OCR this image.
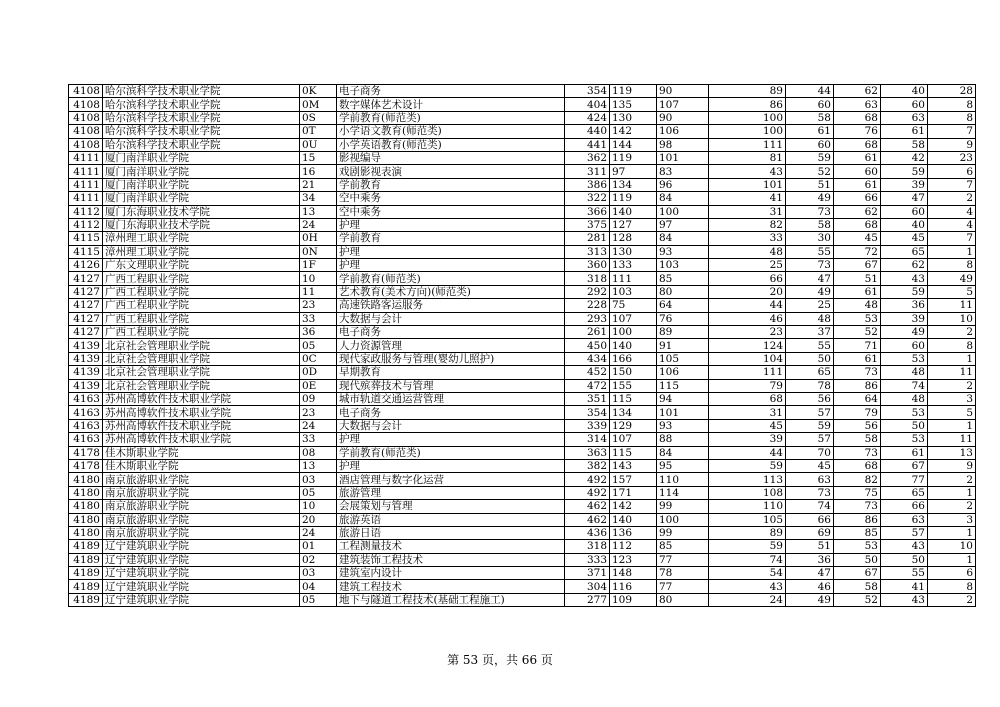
4108	哈尔滨科学技术职业学院	0K	电子商务	354	119	90	89	44	62	40	28
4108	哈尔滨科学技术职业学院	0M	数字媒体艺术设计	404	135	107	86	60	63	60	8
4108	哈尔滨科学技术职业学院	0S	学前教育(师范类)	424	130	90	100	58	68	63	8
4108	哈尔滨科学技术职业学院	0T	小学语文教育(师范类)	440	142	106	100	61	76	61	7
4108	哈尔滨科学技术职业学院	0U	小学英语教育(师范类)	441	144	98	111	60	68	58	9
4111	厦门南洋职业学院	15	影视编导	362	119	101	81	59	61	42	23
4111	厦门南洋职业学院	16	戏剧影视表演	311	97	83	43	52	60	59	6
4111	厦门南洋职业学院	21	学前教育	386	134	96	101	51	61	39	7
4111	厦门南洋职业学院	34	空中乘务	322	119	84	41	49	66	47	2
4112	厦门东海职业技术学院	13	空中乘务	366	140	100	31	73	62	60	4
4112	厦门东海职业技术学院	24	护理	375	127	97	82	58	68	40	4
4115	漳州理工职业学院	0H	学前教育	281	128	84	33	30	45	45	7
4115	漳州理工职业学院	0N	护理	313	130	93	48	55	72	65	1
4126	广东文理职业学院	1F	护理	360	133	103	25	73	67	62	8
4127	广西工程职业学院	10	学前教育(师范类)	318	111	85	66	47	51	43	49
4127	广西工程职业学院	11	艺术教育(美术方向)(师范类)	292	103	80	20	49	61	59	5
4127	广西工程职业学院	23	高速铁路客运服务	228	75	64	44	25	48	36	11
4127	广西工程职业学院	33	大数据与会计	293	107	76	46	48	53	39	10
4127	广西工程职业学院	36	电子商务	261	100	89	23	37	52	49	2
4139	北京社会管理职业学院	05	人力资源管理	450	140	91	124	55	71	60	8
4139	北京社会管理职业学院	0C	现代家政服务与管理(婴幼儿照护)	434	166	105	104	50	61	53	1
4139	北京社会管理职业学院	0D	早期教育	452	150	106	111	65	73	48	11
4139	北京社会管理职业学院	0E	现代殡葬技术与管理	472	155	115	79	78	86	74	2
4163	苏州高博软件技术职业学院	09	城市轨道交通运营管理	351	115	94	68	56	64	48	3
4163	苏州高博软件技术职业学院	23	电子商务	354	134	101	31	57	79	53	5
4163	苏州高博软件技术职业学院	24	大数据与会计	339	129	93	45	59	56	50	1
4163	苏州高博软件技术职业学院	33	护理	314	107	88	39	57	58	53	11
4178	佳木斯职业学院	08	学前教育(师范类)	363	115	84	44	70	73	61	13
4178	佳木斯职业学院	13	护理	382	143	95	59	45	68	67	9
4180	南京旅游职业学院	03	酒店管理与数字化运营	492	157	110	113	63	82	77	2
4180	南京旅游职业学院	05	旅游管理	492	171	114	108	73	75	65	1
4180	南京旅游职业学院	10	会展策划与管理	462	142	99	110	74	73	66	2
4180	南京旅游职业学院	20	旅游英语	462	140	100	105	66	86	63	3
4180	南京旅游职业学院	24	旅游日语	436	136	99	89	69	85	57	1
4189	辽宁建筑职业学院	01	工程测量技术	318	112	85	59	51	53	43	10
4189	辽宁建筑职业学院	02	建筑装饰工程技术	333	123	77	74	36	50	50	1
4189	辽宁建筑职业学院	03	建筑室内设计	371	148	78	54	47	67	55	6
4189	辽宁建筑职业学院	04	建筑工程技术	304	116	77	43	46	58	41	8
4189	辽宁建筑职业学院	05	地下与隧道工程技术(基础工程施工)	277	109	80	24	49	52	43	2
第 53 页，共 66 页
